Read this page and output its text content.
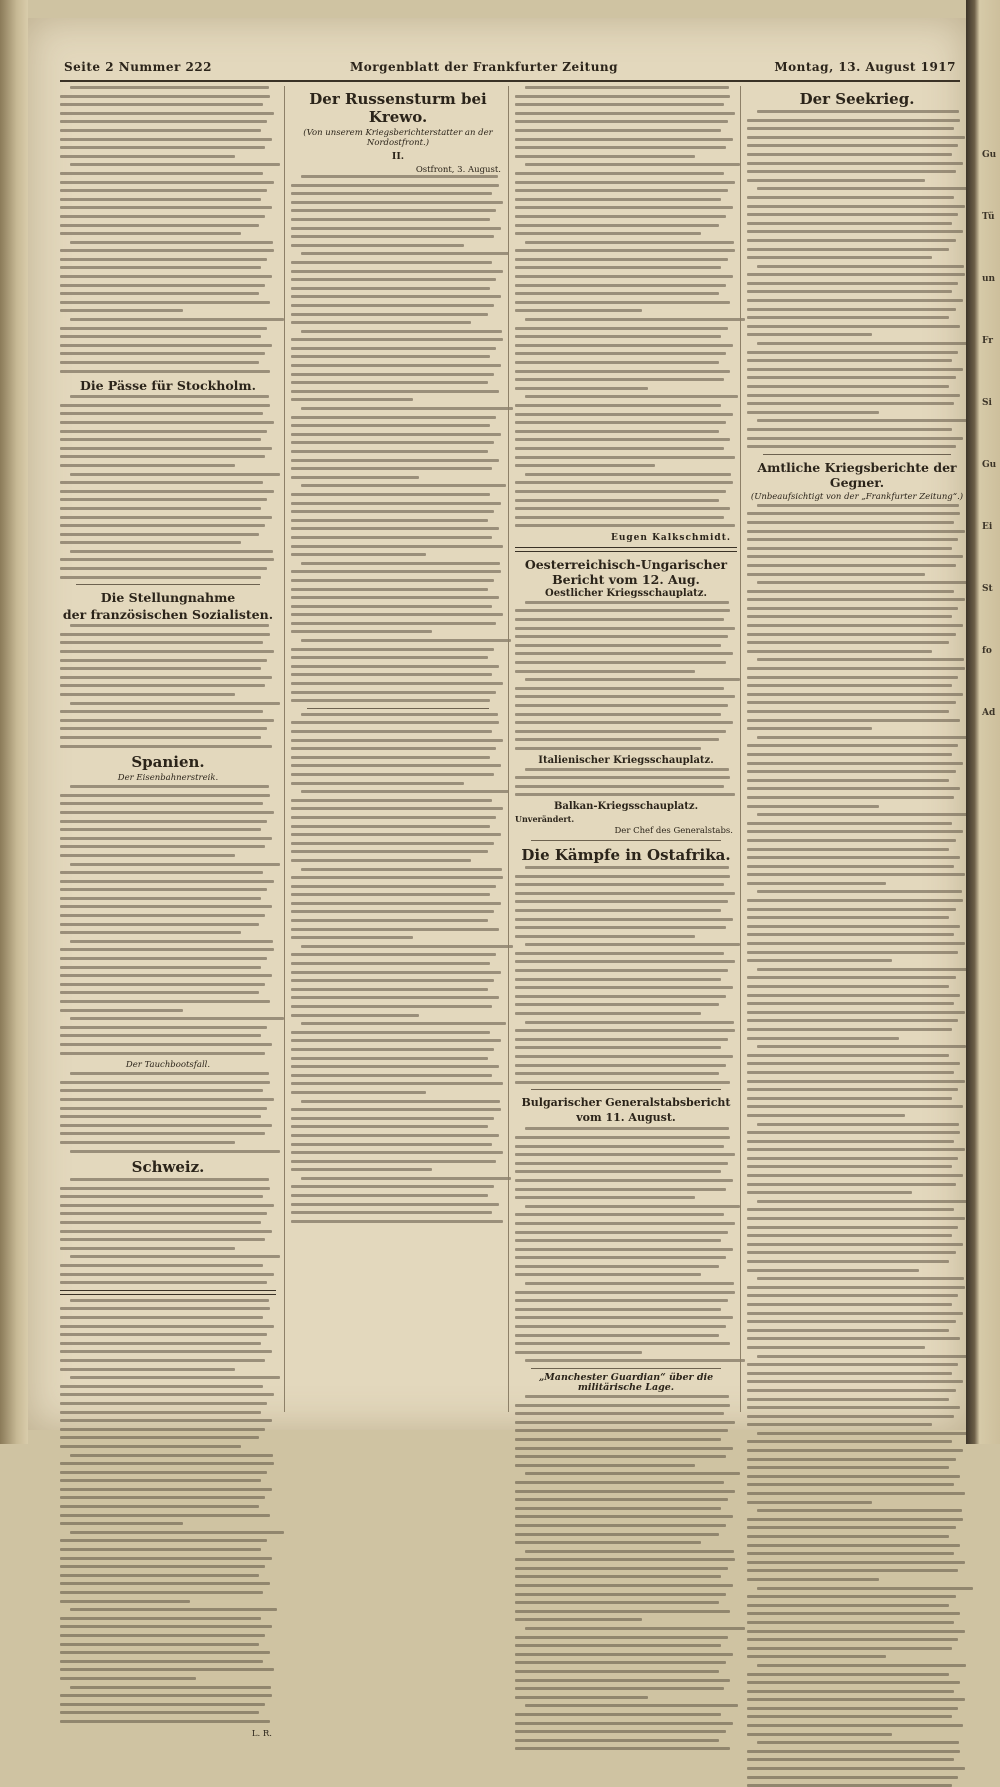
Seite 2 Nummer 222	Morgenblatt der Frankfurter Zeitung	Montag, 13. August 1917
Die Pässe für Stockholm.
Die Stellungnahme
der französischen Sozialisten.
Spanien.
Der Eisenbahnerstreik.
Der Tauchbootsfall.
Schweiz.
L. R.
Der Russensturm bei Krewo.
(Von unserem Kriegsberichterstatter an der Nordostfront.)
II.
Ostfront, 3. August.
Eugen Kalkschmidt.
Oesterreichisch-Ungarischer Bericht vom 12. Aug.
Oestlicher Kriegsschauplatz.
Italienischer Kriegsschauplatz.
Balkan-Kriegsschauplatz.
Unverändert.
Der Chef des Generalstabs.
Die Kämpfe in Ostafrika.
Bulgarischer Generalstabsbericht vom 11. August.
„Manchester Guardian“ über die militärische Lage.
Der Seekrieg.
Amtliche Kriegsberichte der Gegner.
(Unbeaufsichtigt von der „Frankfurter Zeitung“.)
Gu
Tü
un
Fr
Si
Gu
Ei
St
fo
Ad
